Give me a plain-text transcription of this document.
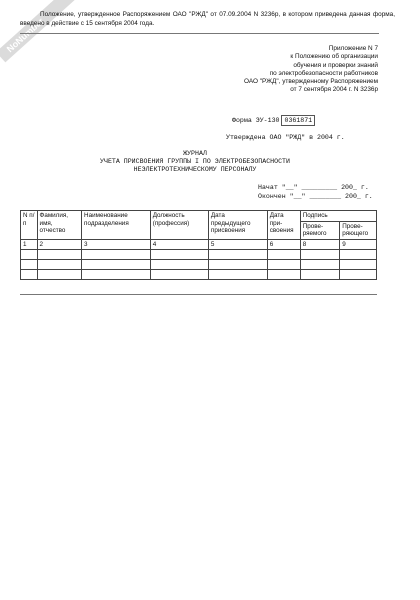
NoNumber
Положение, утвержденное Распоряжением ОАО "РЖД" от 07.09.2004 N 3236р, в котором приведена данная форма, введено в действие с 15 сентября 2004 года.
Приложение N 7
к Положению об организации
обучения и проверки знаний
по электробезопасности работников
ОАО "РЖД", утвержденному Распоряжением
от 7 сентября 2004 г. N 3236р
Форма ЭУ-130 0361871
Утверждена ОАО "РЖД" в 2004 г.
ЖУРНАЛ
УЧЕТА ПРИСВОЕНИЯ ГРУППЫ I ПО ЭЛЕКТРОБЕЗОПАСНОСТИ
НЕЭЛЕКТРОТЕХНИЧЕСКОМУ ПЕРСОНАЛУ
Начат "__" _________ 200_ г.
Окончен "__" ________ 200_ г.
N п/п	Фамилия, имя, отчество	Наименование подразделения	Должность (профессия)	Дата предыдущего присвоения	Дата при-своения	Подпись	
						Прове-ряемого	Прове-ряющего
1	2	3	4	5	6	8	9
